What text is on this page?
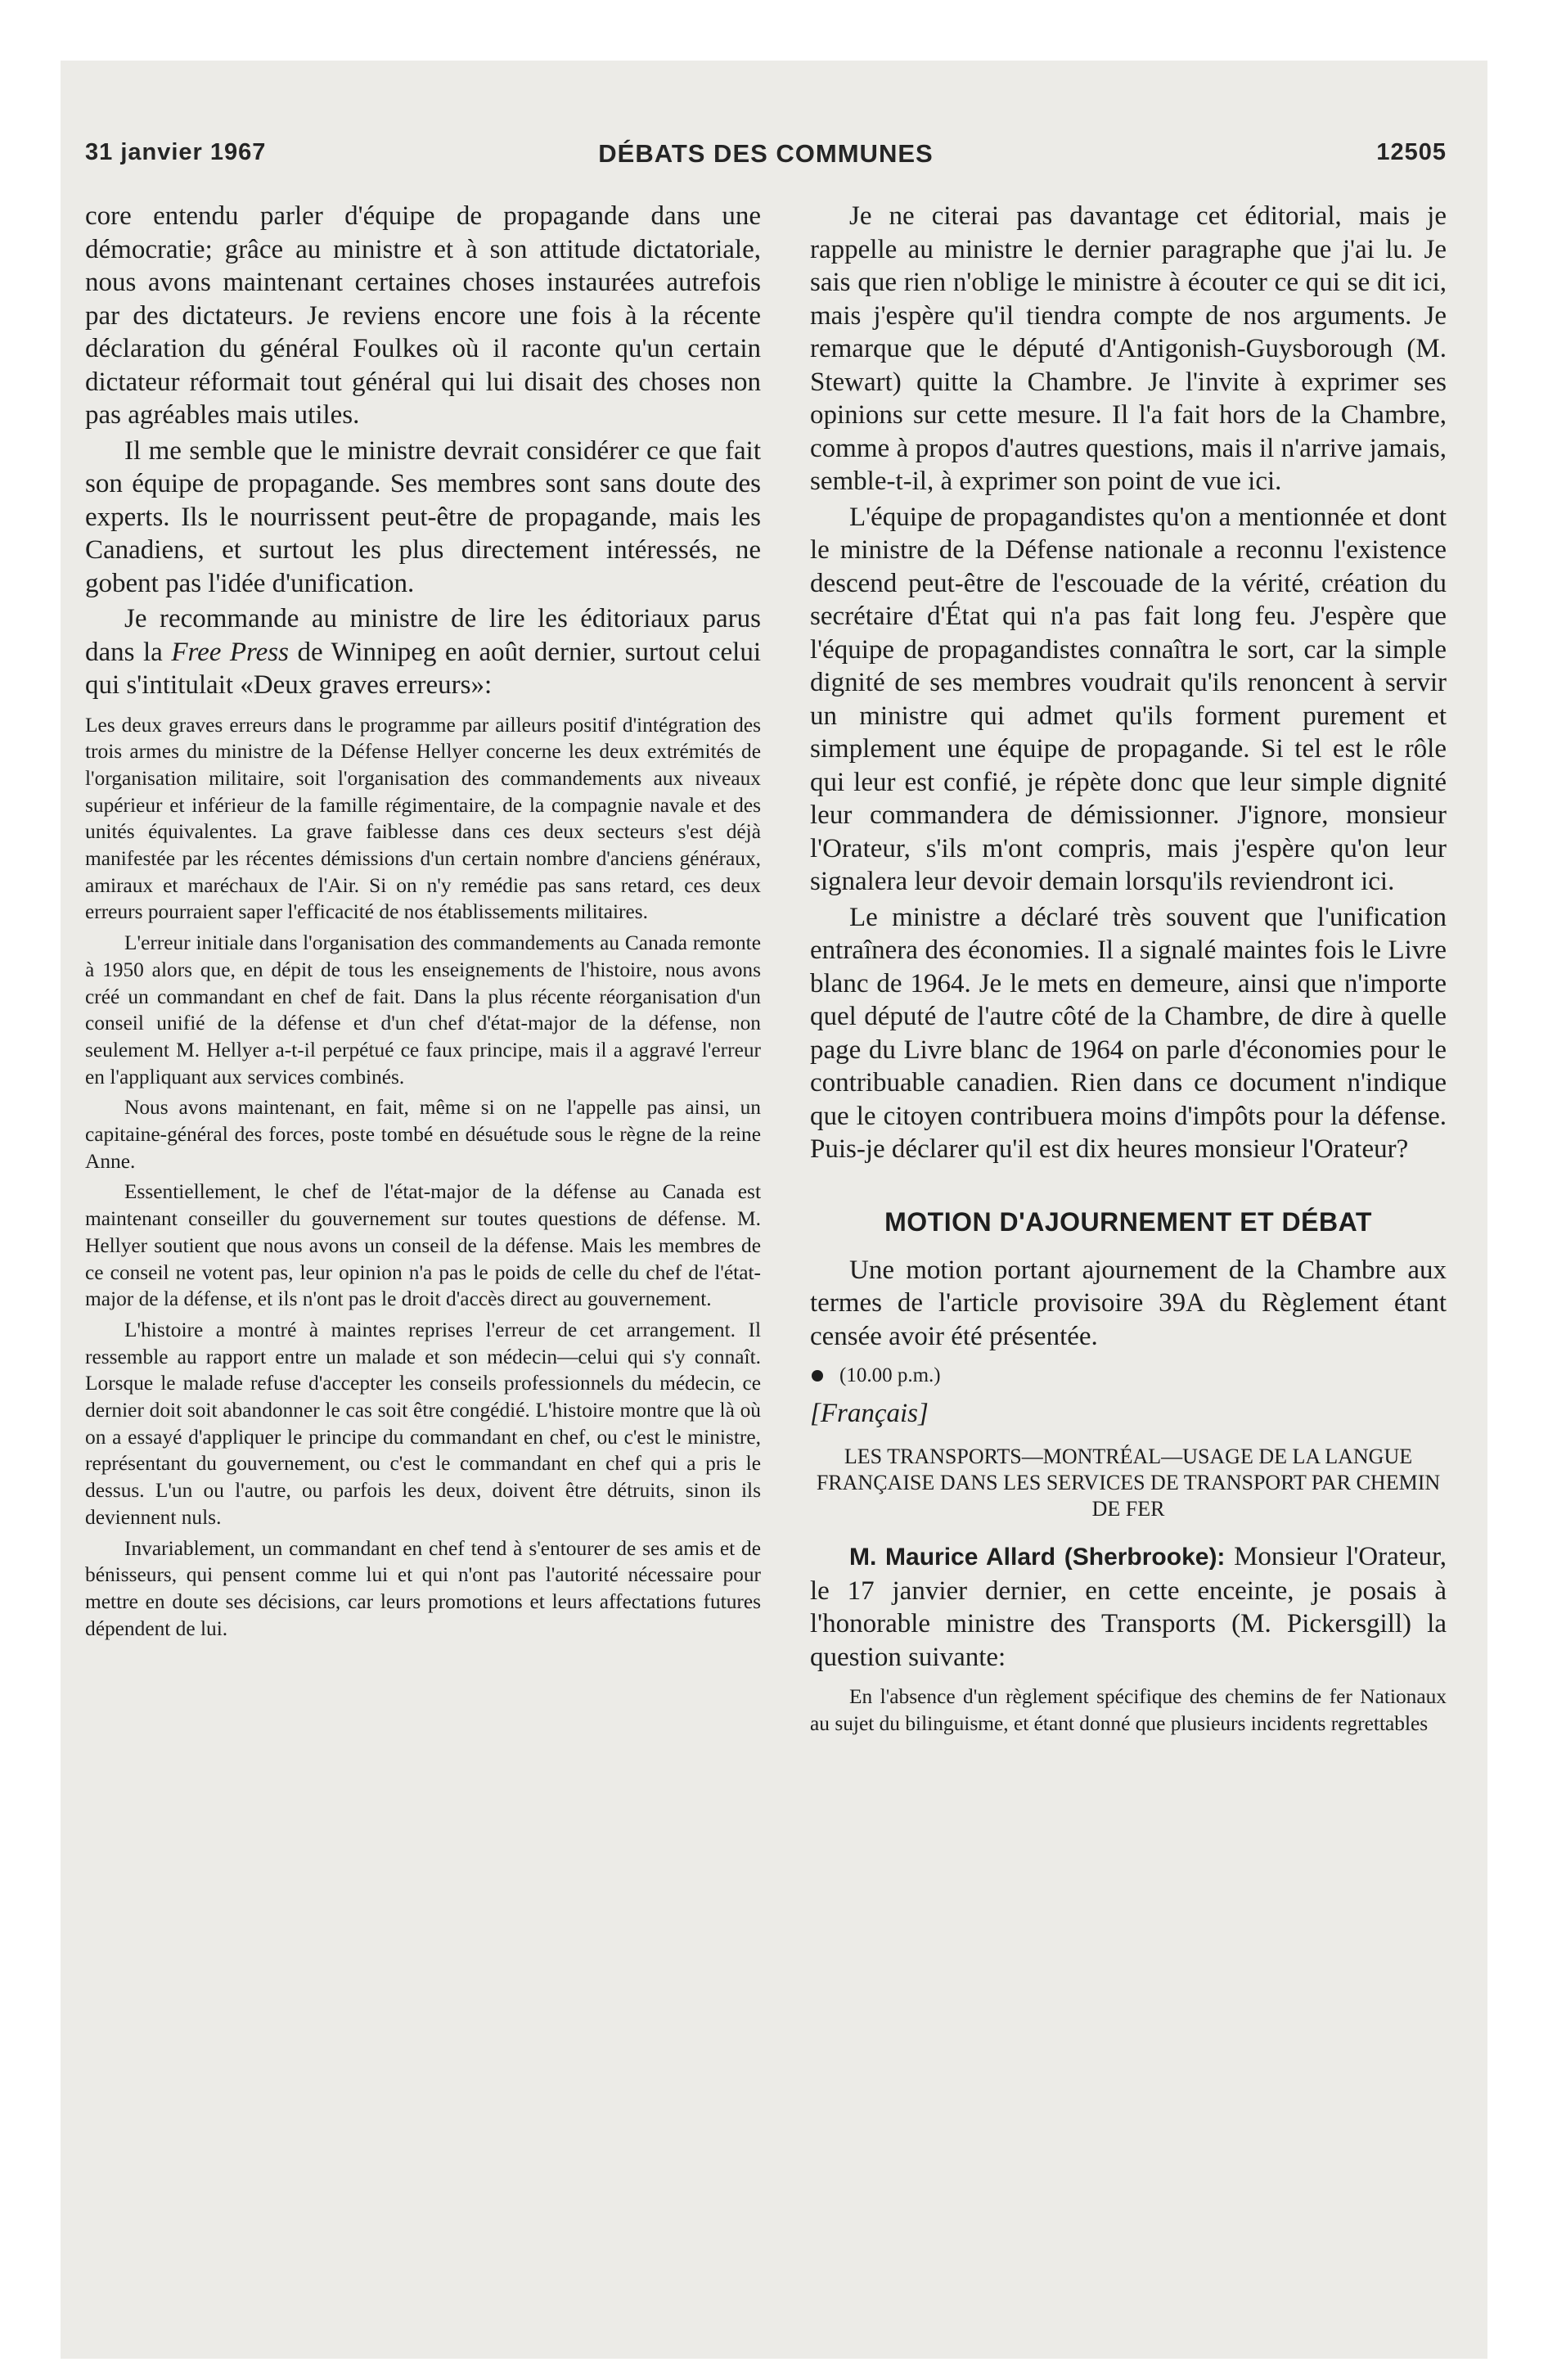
31 janvier 1967	DÉBATS DES COMMUNES	12505

core entendu parler d'équipe de propagande dans une démocratie; grâce au ministre et à son attitude dictatoriale, nous avons maintenant certaines choses instaurées autrefois par des dictateurs. Je reviens encore une fois à la récente déclaration du général Foulkes où il raconte qu'un certain dictateur réformait tout général qui lui disait des choses non pas agréables mais utiles.

Il me semble que le ministre devrait considérer ce que fait son équipe de propagande. Ses membres sont sans doute des experts. Ils le nourrissent peut-être de propagande, mais les Canadiens, et surtout les plus directement intéressés, ne gobent pas l'idée d'unification.

Je recommande au ministre de lire les éditoriaux parus dans la Free Press de Winnipeg en août dernier, surtout celui qui s'intitulait «Deux graves erreurs»:

Les deux graves erreurs dans le programme par ailleurs positif d'intégration des trois armes du ministre de la Défense Hellyer concerne les deux extrémités de l'organisation militaire, soit l'organisation des commandements aux niveaux supérieur et inférieur de la famille régimentaire, de la compagnie navale et des unités équivalentes. La grave faiblesse dans ces deux secteurs s'est déjà manifestée par les récentes démissions d'un certain nombre d'anciens généraux, amiraux et maréchaux de l'Air. Si on n'y remédie pas sans retard, ces deux erreurs pourraient saper l'efficacité de nos établissements militaires.

L'erreur initiale dans l'organisation des commandements au Canada remonte à 1950 alors que, en dépit de tous les enseignements de l'histoire, nous avons créé un commandant en chef de fait. Dans la plus récente réorganisation d'un conseil unifié de la défense et d'un chef d'état-major de la défense, non seulement M. Hellyer a-t-il perpétué ce faux principe, mais il a aggravé l'erreur en l'appliquant aux services combinés.

Nous avons maintenant, en fait, même si on ne l'appelle pas ainsi, un capitaine-général des forces, poste tombé en désuétude sous le règne de la reine Anne.

Essentiellement, le chef de l'état-major de la défense au Canada est maintenant conseiller du gouvernement sur toutes questions de défense. M. Hellyer soutient que nous avons un conseil de la défense. Mais les membres de ce conseil ne votent pas, leur opinion n'a pas le poids de celle du chef de l'état-major de la défense, et ils n'ont pas le droit d'accès direct au gouvernement.

L'histoire a montré à maintes reprises l'erreur de cet arrangement. Il ressemble au rapport entre un malade et son médecin—celui qui s'y connaît. Lorsque le malade refuse d'accepter les conseils professionnels du médecin, ce dernier doit soit abandonner le cas soit être congédié. L'histoire montre que là où on a essayé d'appliquer le principe du commandant en chef, ou c'est le ministre, représentant du gouvernement, ou c'est le commandant en chef qui a pris le dessus. L'un ou l'autre, ou parfois les deux, doivent être détruits, sinon ils deviennent nuls.

Invariablement, un commandant en chef tend à s'entourer de ses amis et de bénisseurs, qui pensent comme lui et qui n'ont pas l'autorité nécessaire pour mettre en doute ses décisions, car leurs promotions et leurs affectations futures dépendent de lui.

Je ne citerai pas davantage cet éditorial, mais je rappelle au ministre le dernier paragraphe que j'ai lu. Je sais que rien n'oblige le ministre à écouter ce qui se dit ici, mais j'espère qu'il tiendra compte de nos arguments. Je remarque que le député d'Antigonish-Guysborough (M. Stewart) quitte la Chambre. Je l'invite à exprimer ses opinions sur cette mesure. Il l'a fait hors de la Chambre, comme à propos d'autres questions, mais il n'arrive jamais, semble-t-il, à exprimer son point de vue ici.

L'équipe de propagandistes qu'on a mentionnée et dont le ministre de la Défense nationale a reconnu l'existence descend peut-être de l'escouade de la vérité, création du secrétaire d'État qui n'a pas fait long feu. J'espère que l'équipe de propagandistes connaîtra le sort, car la simple dignité de ses membres voudrait qu'ils renoncent à servir un ministre qui admet qu'ils forment purement et simplement une équipe de propagande. Si tel est le rôle qui leur est confié, je répète donc que leur simple dignité leur commandera de démissionner. J'ignore, monsieur l'Orateur, s'ils m'ont compris, mais j'espère qu'on leur signalera leur devoir demain lorsqu'ils reviendront ici.

Le ministre a déclaré très souvent que l'unification entraînera des économies. Il a signalé maintes fois le Livre blanc de 1964. Je le mets en demeure, ainsi que n'importe quel député de l'autre côté de la Chambre, de dire à quelle page du Livre blanc de 1964 on parle d'économies pour le contribuable canadien. Rien dans ce document n'indique que le citoyen contribuera moins d'impôts pour la défense. Puis-je déclarer qu'il est dix heures monsieur l'Orateur?

MOTION D'AJOURNEMENT ET DÉBAT

Une motion portant ajournement de la Chambre aux termes de l'article provisoire 39A du Règlement étant censée avoir été présentée.

(10.00 p.m.)
[Français]
LES TRANSPORTS—MONTRÉAL—USAGE DE LA LANGUE FRANÇAISE DANS LES SERVICES DE TRANSPORT PAR CHEMIN DE FER

M. Maurice Allard (Sherbrooke): Monsieur l'Orateur, le 17 janvier dernier, en cette enceinte, je posais à l'honorable ministre des Transports (M. Pickersgill) la question suivante:

En l'absence d'un règlement spécifique des chemins de fer Nationaux au sujet du bilinguisme, et étant donné que plusieurs incidents regrettables
